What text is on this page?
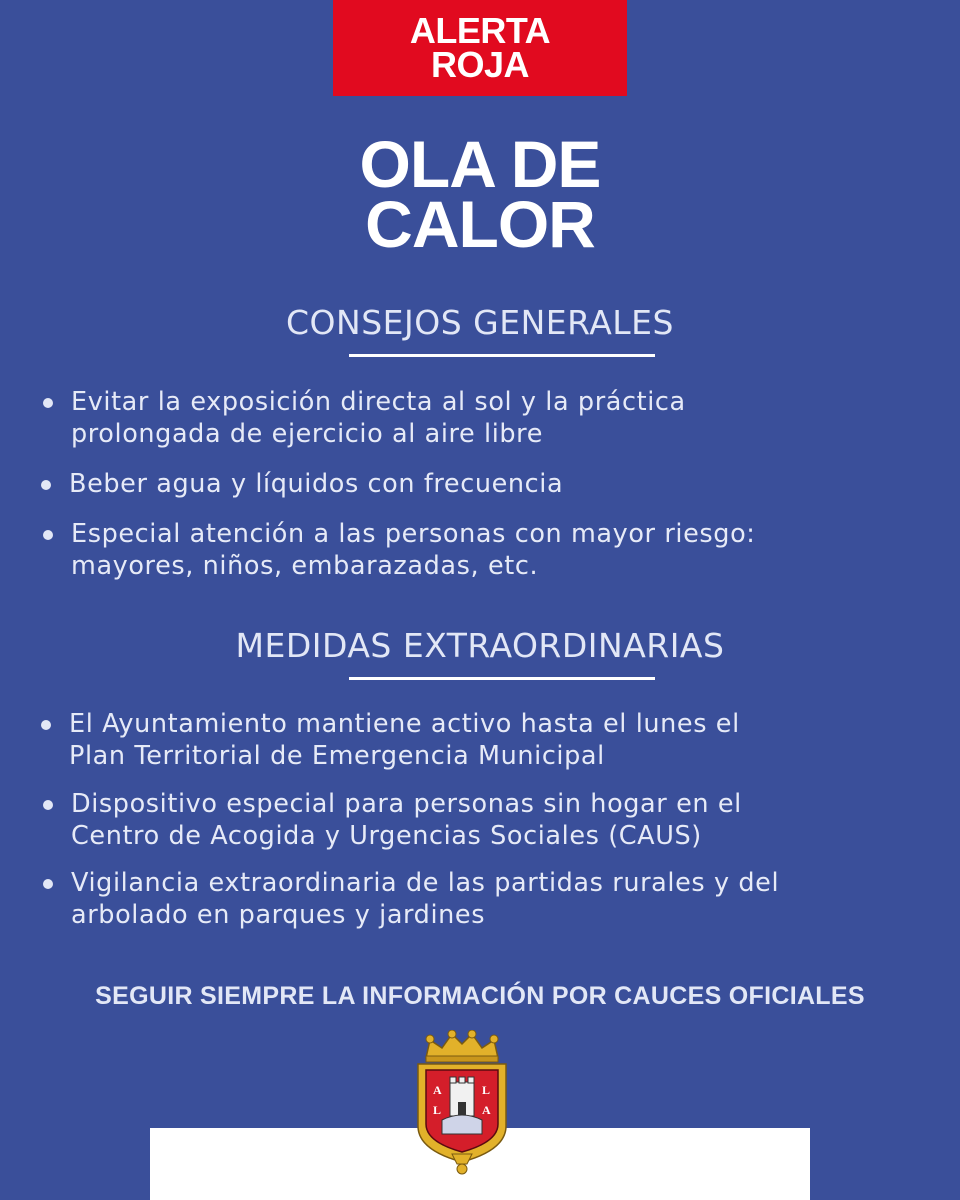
ALERTA
ROJA
OLA DE
CALOR
CONSEJOS GENERALES
Evitar la exposición directa al sol y la práctica
prolongada de ejercicio al aire libre
Beber agua y líquidos con frecuencia
Especial atención a las personas con mayor riesgo:
mayores, niños, embarazadas, etc.
MEDIDAS EXTRAORDINARIAS
El Ayuntamiento mantiene activo hasta el lunes el
Plan Territorial de Emergencia Municipal
Dispositivo especial para personas sin hogar en el
Centro de Acogida y Urgencias Sociales (CAUS)
Vigilancia extraordinaria de las partidas rurales y del
arbolado en parques y jardines
SEGUIR SIEMPRE LA INFORMACIÓN POR CAUCES OFICIALES
A	L
L	A
